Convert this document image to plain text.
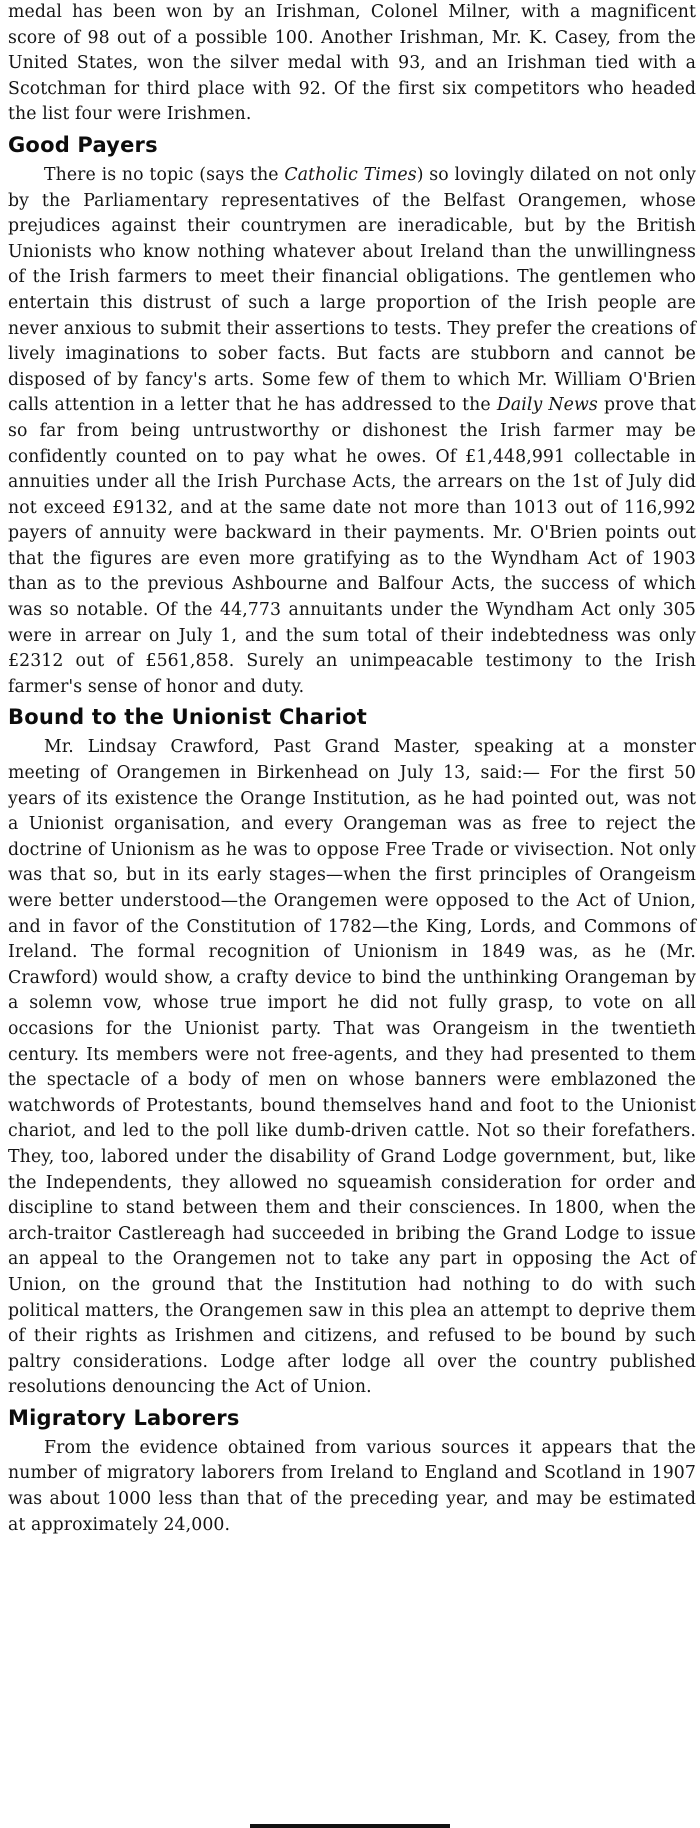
medal has been won by an Irishman, Colonel Milner, with a magnificent score of 98 out of a possible 100. Another Irishman, Mr. K. Casey, from the United States, won the silver medal with 93, and an Irishman tied with a Scotchman for third place with 92. Of the first six competitors who headed the list four were Irishmen.

Good Payers

There is no topic (says the Catholic Times) so lovingly dilated on not only by the Parliamentary representatives of the Belfast Orangemen, whose prejudices against their countrymen are ineradicable, but by the British Unionists who know nothing whatever about Ireland than the unwillingness of the Irish farmers to meet their financial obligations. The gentlemen who entertain this distrust of such a large proportion of the Irish people are never anxious to submit their assertions to tests. They prefer the creations of lively imaginations to sober facts. But facts are stubborn and cannot be disposed of by fancy's arts. Some few of them to which Mr. William O'Brien calls attention in a letter that he has addressed to the Daily News prove that so far from being untrustworthy or dishonest the Irish farmer may be confidently counted on to pay what he owes. Of £1,448,991 collectable in annuities under all the Irish Purchase Acts, the arrears on the 1st of July did not exceed £9132, and at the same date not more than 1013 out of 116,992 payers of annuity were backward in their payments. Mr. O'Brien points out that the figures are even more gratifying as to the Wyndham Act of 1903 than as to the previous Ashbourne and Balfour Acts, the success of which was so notable. Of the 44,773 annuitants under the Wyndham Act only 305 were in arrear on July 1, and the sum total of their indebtedness was only £2312 out of £561,858. Surely an unimpeacable testimony to the Irish farmer's sense of honor and duty.

Bound to the Unionist Chariot

Mr. Lindsay Crawford, Past Grand Master, speaking at a monster meeting of Orangemen in Birkenhead on July 13, said:— For the first 50 years of its existence the Orange Institution, as he had pointed out, was not a Unionist organisation, and every Orangeman was as free to reject the doctrine of Unionism as he was to oppose Free Trade or vivisection. Not only was that so, but in its early stages—when the first principles of Orangeism were better understood—the Orangemen were opposed to the Act of Union, and in favor of the Constitution of 1782—the King, Lords, and Commons of Ireland. The formal recognition of Unionism in 1849 was, as he (Mr. Crawford) would show, a crafty device to bind the unthinking Orangeman by a solemn vow, whose true import he did not fully grasp, to vote on all occasions for the Unionist party. That was Orangeism in the twentieth century. Its members were not free-agents, and they had presented to them the spectacle of a body of men on whose banners were emblazoned the watchwords of Protestants, bound themselves hand and foot to the Unionist chariot, and led to the poll like dumb-driven cattle. Not so their forefathers. They, too, labored under the disability of Grand Lodge government, but, like the Independents, they allowed no squeamish consideration for order and discipline to stand between them and their consciences. In 1800, when the arch-traitor Castlereagh had succeeded in bribing the Grand Lodge to issue an appeal to the Orangemen not to take any part in opposing the Act of Union, on the ground that the Institution had nothing to do with such political matters, the Orangemen saw in this plea an attempt to deprive them of their rights as Irishmen and citizens, and refused to be bound by such paltry considerations. Lodge after lodge all over the country published resolutions denouncing the Act of Union.

Migratory Laborers

From the evidence obtained from various sources it appears that the number of migratory laborers from Ireland to England and Scotland in 1907 was about 1000 less than that of the preceding year, and may be estimated at approximately 24,000.
